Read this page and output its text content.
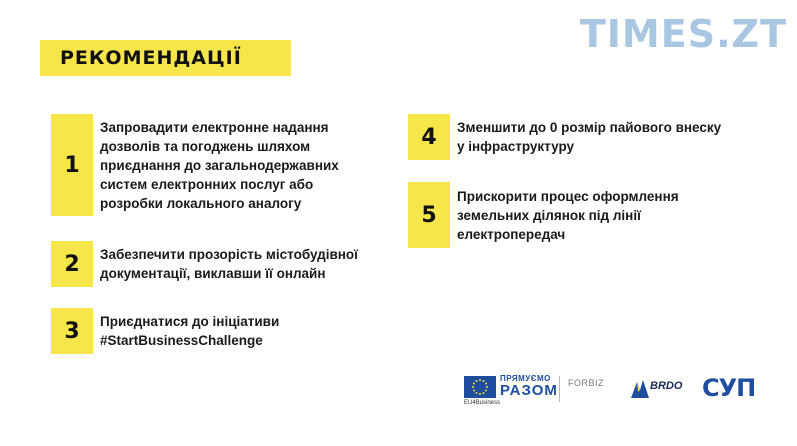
РЕКОМЕНДАЦІЇ
TIMES.ZT
1
Запровадити електронне надання
дозволів та погоджень шляхом
приєднання до загальнодержавних
систем електронних послуг або
розробки локального аналогу
2	Забезпечити прозорість містобудівної
документації, виклавши її онлайн
3	Приєднатися до ініціативи
#StartBusinessChallenge
4	Зменшити до 0 розмір пайового внеску
у інфраструктуру
5
Прискорити процес оформлення
земельних ділянок під лінії
електропередач
ПРЯМУЄМО
РАЗОМ
EU4Business
FORBIZ	BRDO СУП
